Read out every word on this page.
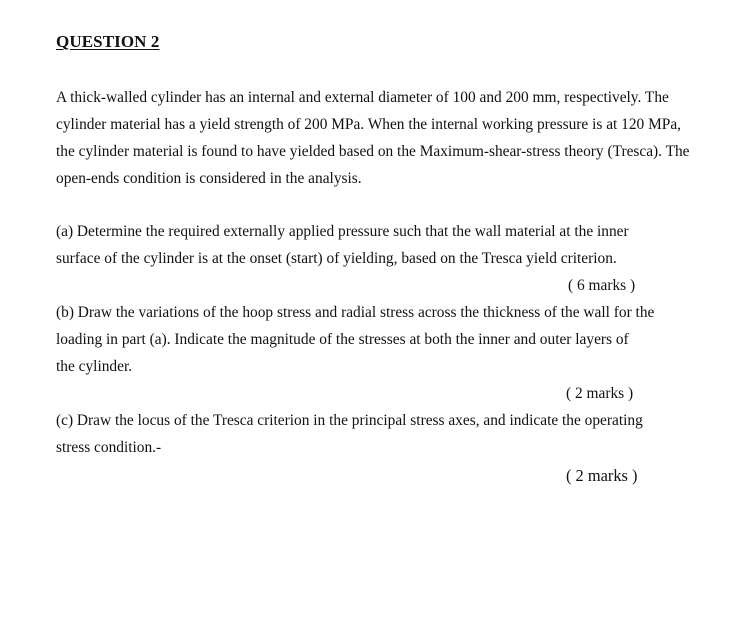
QUESTION 2
A thick-walled cylinder has an internal and external diameter of 100 and 200 mm, respectively. The
cylinder material has a yield strength of 200 MPa. When the internal working pressure is at 120 MPa,
the cylinder material is found to have yielded based on the Maximum-shear-stress theory (Tresca). The
open-ends condition is considered in the analysis.
(a) Determine the required externally applied pressure such that the wall material at the inner
surface of the cylinder is at the onset (start) of yielding, based on the Tresca yield criterion.
( 6 marks )
(b) Draw the variations of the hoop stress and radial stress across the thickness of the wall for the
loading in part (a). Indicate the magnitude of the stresses at both the inner and outer layers of
the cylinder.
( 2 marks )
(c) Draw the locus of the Tresca criterion in the principal stress axes, and indicate the operating
stress condition.-
( 2 marks )
